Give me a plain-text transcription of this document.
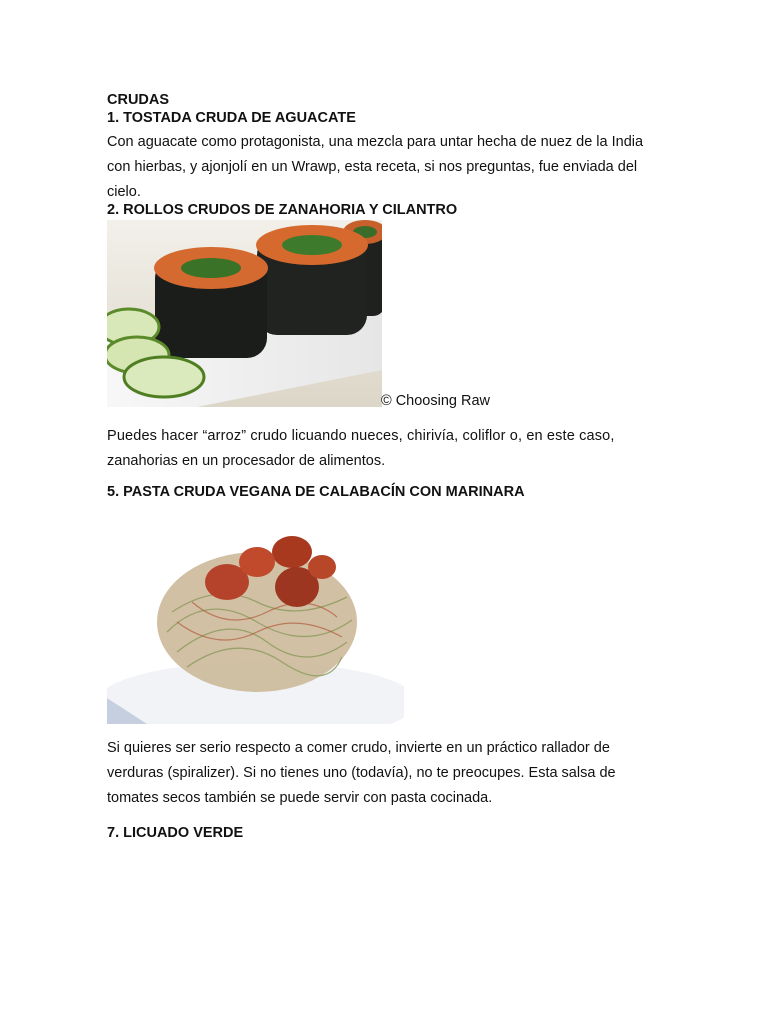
CRUDAS
1. TOSTADA CRUDA DE AGUACATE
Con aguacate como protagonista, una mezcla para untar hecha de nuez de la India con hierbas, y ajonjolí en un Wrawp, esta receta, si nos preguntas, fue enviada del cielo.
2. ROLLOS CRUDOS DE ZANAHORIA Y CILANTRO
© Choosing Raw
Puedes hacer “arroz” crudo licuando nueces, chirivía, coliflor o, en este caso,
zanahorias en un procesador de alimentos.
5. PASTA CRUDA VEGANA DE CALABACÍN CON MARINARA
Si quieres ser serio respecto a comer crudo, invierte en un práctico rallador de verduras (spiralizer). Si no tienes uno (todavía), no te preocupes. Esta salsa de tomates secos también se puede servir con pasta cocinada.
7. LICUADO VERDE
